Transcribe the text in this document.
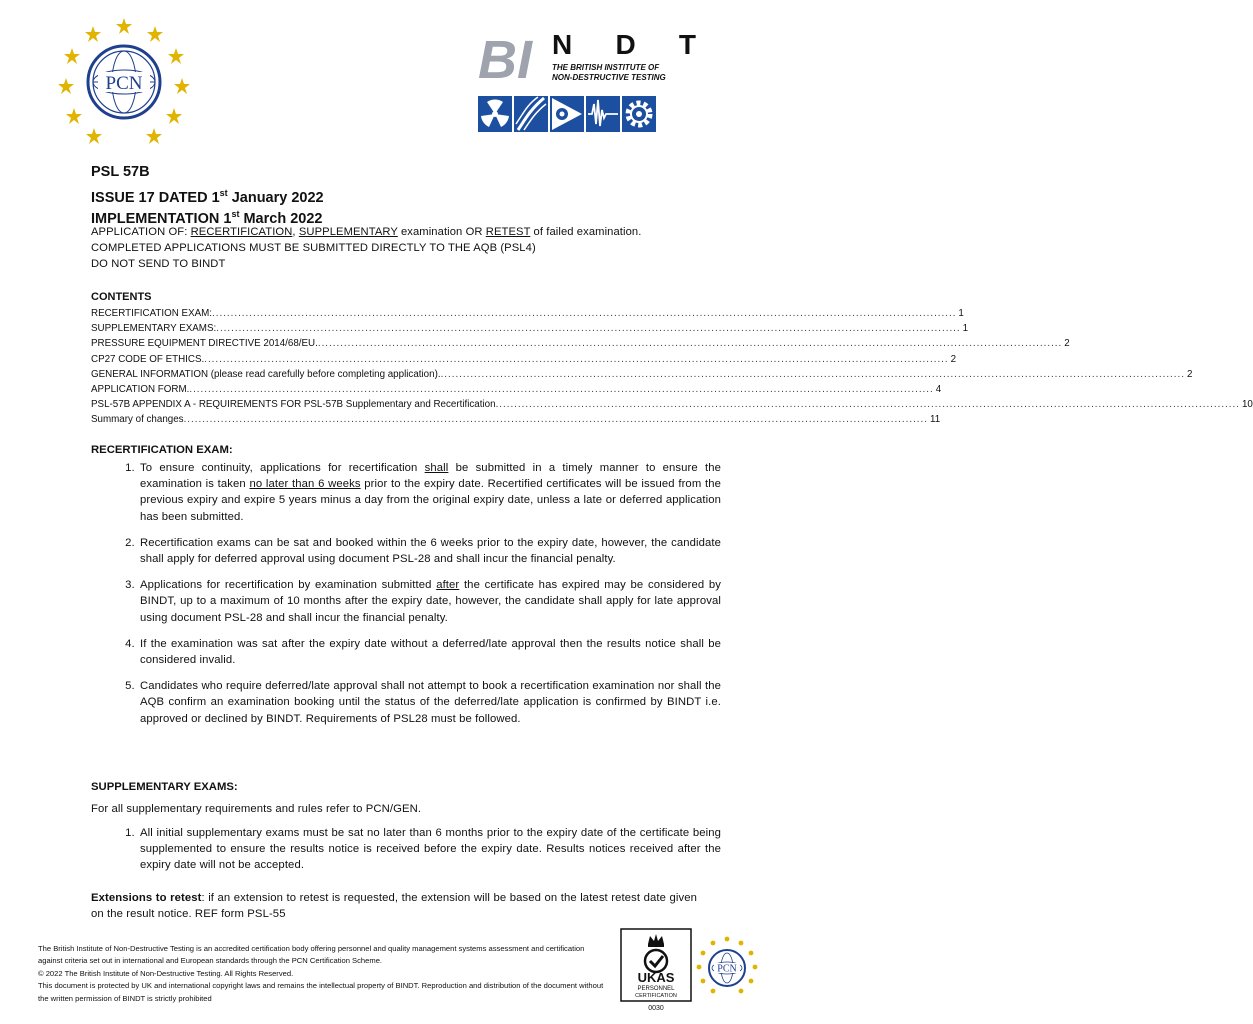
PCN	BI NDT
THE BRITISH INSTITUTE OF
NON-DESTRUCTIVE TESTING
PSL 57B
ISSUE 17 DATED 1st January 2022
IMPLEMENTATION 1st March 2022
APPLICATION OF: RECERTIFICATION, SUPPLEMENTARY examination OR RETEST of failed examination.
COMPLETED APPLICATIONS MUST BE SUBMITTED DIRECTLY TO THE AQB (PSL4)
DO NOT SEND TO BINDT
CONTENTS
RECERTIFICATION EXAM: ........................................................................................................................................................................................................ 1
SUPPLEMENTARY EXAMS: ........................................................................................................................................................................................................ 1
PRESSURE EQUIPMENT DIRECTIVE 2014/68/EU. ........................................................................................................................................................................................................ 2
CP27 CODE OF ETHICS. ........................................................................................................................................................................................................ 2
GENERAL INFORMATION (please read carefully before completing application). ........................................................................................................................................................................................................ 2
APPLICATION FORM. ........................................................................................................................................................................................................ 4
PSL-57B APPENDIX A - REQUIREMENTS FOR PSL-57B Supplementary and Recertification ........................................................................................................................................................................................................ 10
Summary of changes ........................................................................................................................................................................................................ 11
RECERTIFICATION EXAM:
1. To ensure continuity, applications for recertification shall be submitted in a timely manner to ensure the examination is taken no later than 6 weeks prior to the expiry date. Recertified certificates will be issued from the previous expiry and expire 5 years minus a day from the original expiry date, unless a late or deferred application has been submitted.
2. Recertification exams can be sat and booked within the 6 weeks prior to the expiry date, however, the candidate shall apply for deferred approval using document PSL-28 and shall incur the financial penalty.
3. Applications for recertification by examination submitted after the certificate has expired may be considered by BINDT, up to a maximum of 10 months after the expiry date, however, the candidate shall apply for late approval using document PSL-28 and shall incur the financial penalty.
4. If the examination was sat after the expiry date without a deferred/late approval then the results notice shall be considered invalid.
5. Candidates who require deferred/late approval shall not attempt to book a recertification examination nor shall the AQB confirm an examination booking until the status of the deferred/late application is confirmed by BINDT i.e. approved or declined by BINDT. Requirements of PSL28 must be followed.
SUPPLEMENTARY EXAMS:
For all supplementary requirements and rules refer to PCN/GEN.
1. All initial supplementary exams must be sat no later than 6 months prior to the expiry date of the certificate being supplemented to ensure the results notice is received before the expiry date. Results notices received after the expiry date will not be accepted.
Extensions to retest: if an extension to retest is requested, the extension will be based on the latest retest date given on the result notice. REF form PSL-55
The British Institute of Non-Destructive Testing is an accredited certification body offering personnel and quality management systems assessment and certification against criteria set out in international and European standards through the PCN Certification Scheme.
© 2022 The British Institute of Non-Destructive Testing. All Rights Reserved.
This document is protected by UK and international copyright laws and remains the intellectual property of BINDT. Reproduction and distribution of the document without the written permission of BINDT is strictly prohibited
UKAS
PERSONNEL
CERTIFICATION
0030
PCN
